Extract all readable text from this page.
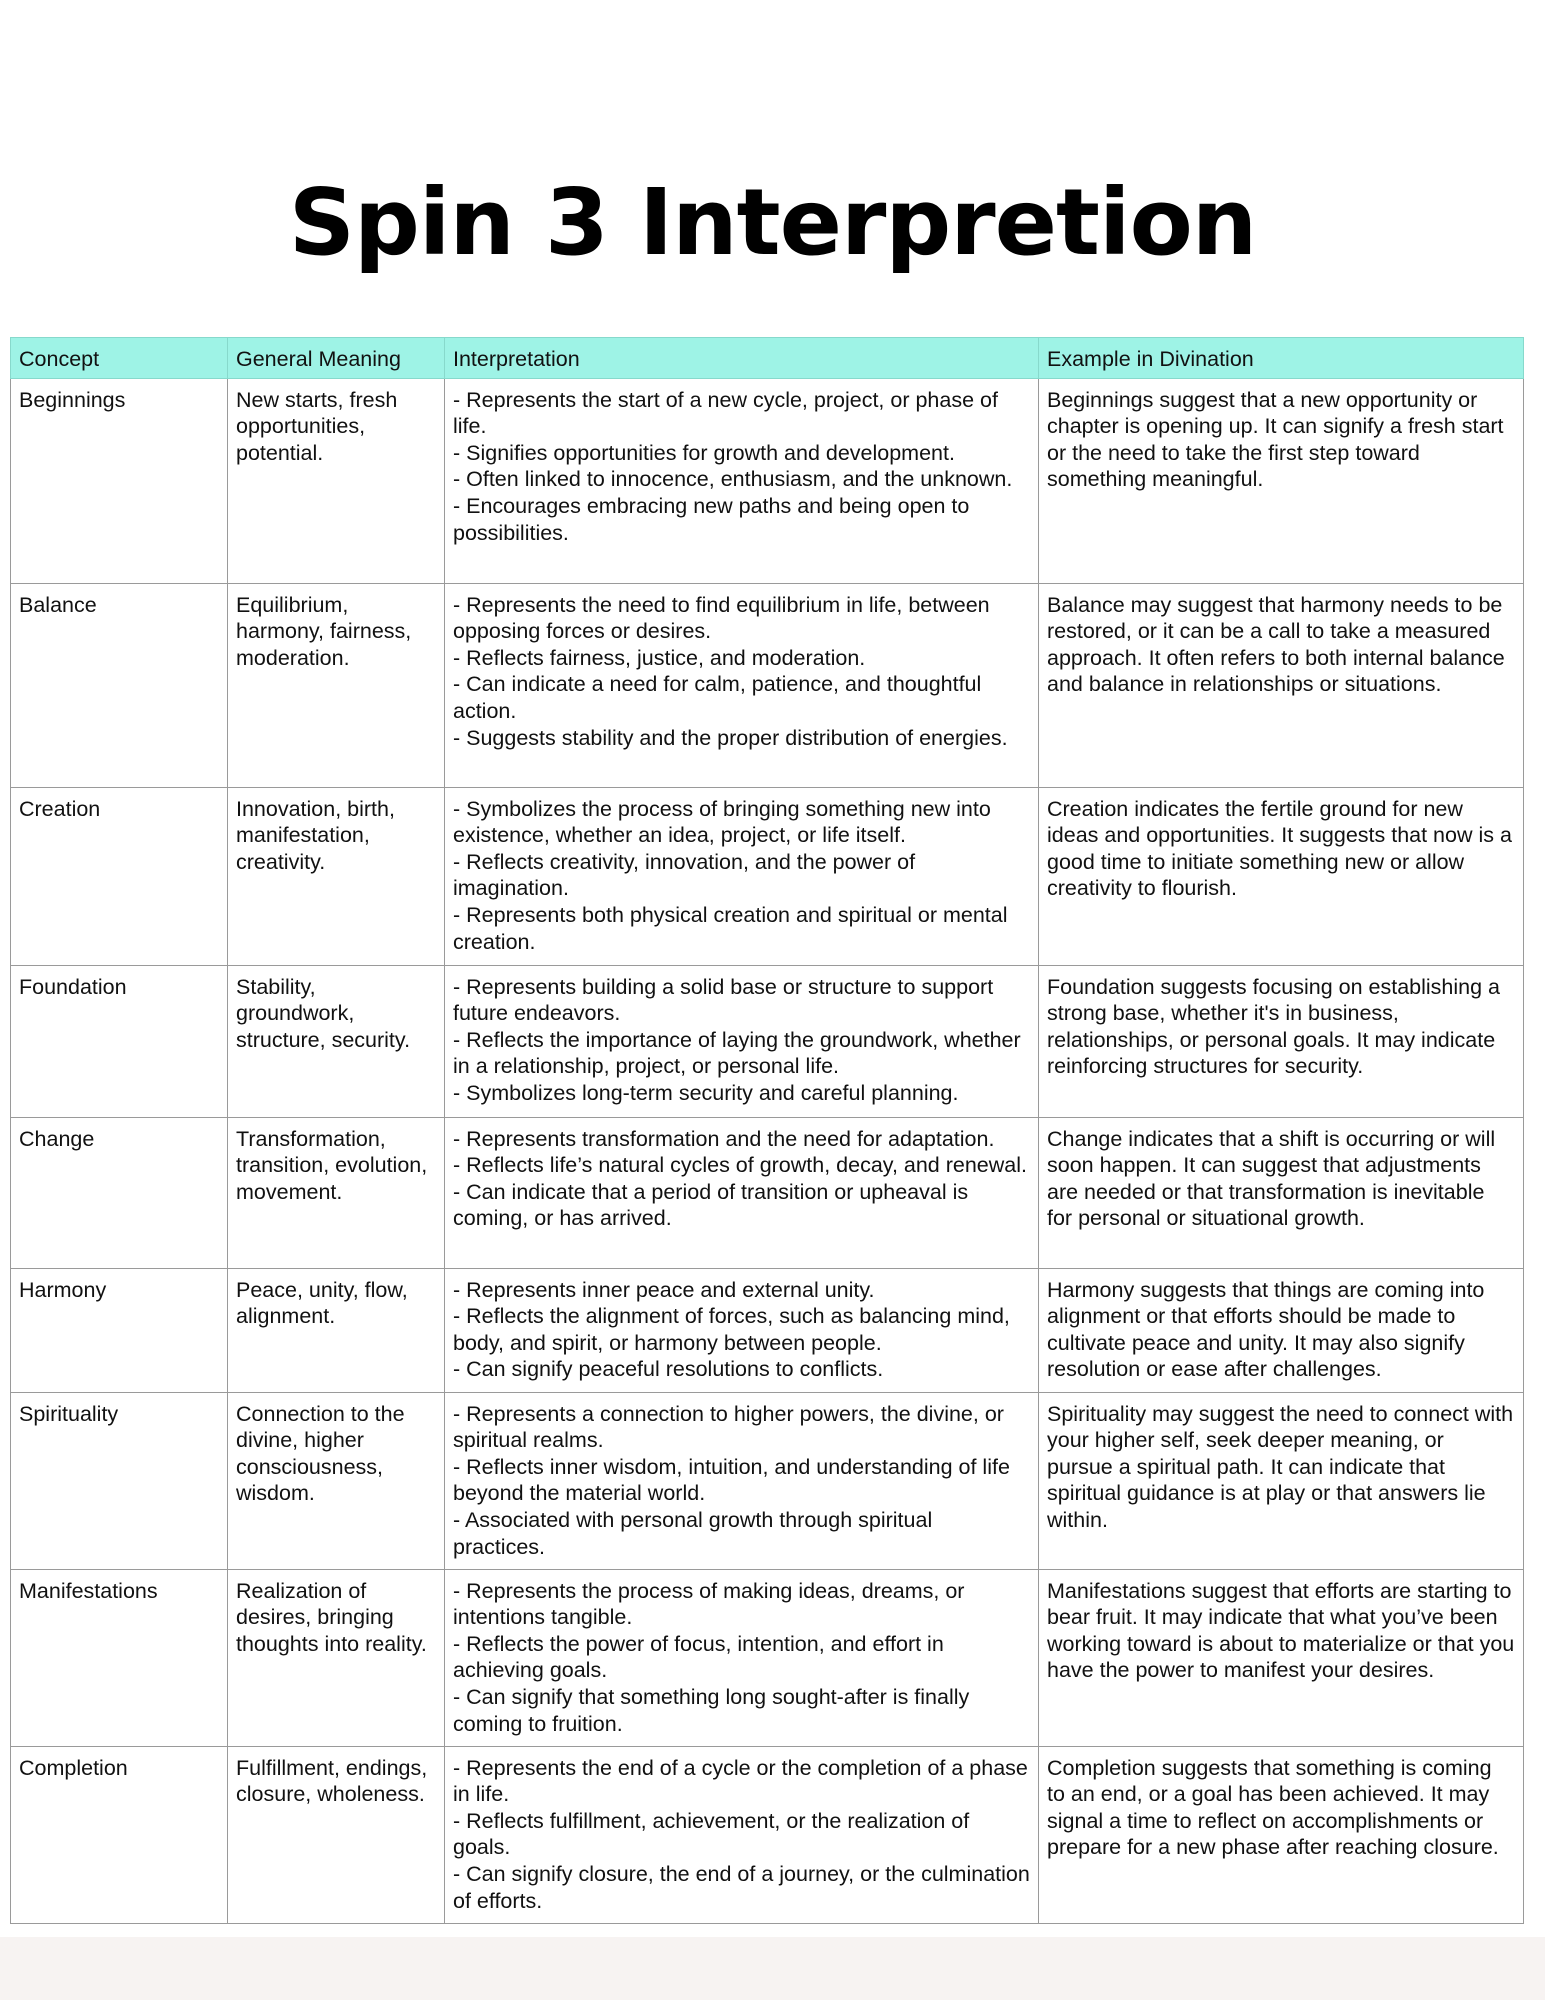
Spin 3 Interpretion
Concept	General Meaning	Interpretation	Example in Divination
Beginnings	New starts, fresh opportunities, potential.	- Represents the start of a new cycle, project, or phase of life.
- Signifies opportunities for growth and development.
- Often linked to innocence, enthusiasm, and the unknown.
- Encourages embracing new paths and being open to possibilities.	Beginnings suggest that a new opportunity or chapter is opening up. It can signify a fresh start or the need to take the first step toward something meaningful.
Balance	Equilibrium, harmony, fairness, moderation.	- Represents the need to find equilibrium in life, between opposing forces or desires.
- Reflects fairness, justice, and moderation.
- Can indicate a need for calm, patience, and thoughtful action.
- Suggests stability and the proper distribution of energies.	Balance may suggest that harmony needs to be restored, or it can be a call to take a measured approach. It often refers to both internal balance and balance in relationships or situations.
Creation	Innovation, birth, manifestation, creativity.	- Symbolizes the process of bringing something new into existence, whether an idea, project, or life itself.
- Reflects creativity, innovation, and the power of imagination.
- Represents both physical creation and spiritual or mental creation.	Creation indicates the fertile ground for new ideas and opportunities. It suggests that now is a good time to initiate something new or allow creativity to flourish.
Foundation	Stability, groundwork, structure, security.	- Represents building a solid base or structure to support future endeavors.
- Reflects the importance of laying the groundwork, whether in a relationship, project, or personal life.
- Symbolizes long-term security and careful planning.	Foundation suggests focusing on establishing a strong base, whether it's in business, relationships, or personal goals. It may indicate reinforcing structures for security.
Change	Transformation, transition, evolution, movement.	- Represents transformation and the need for adaptation.
- Reflects life’s natural cycles of growth, decay, and renewal.
- Can indicate that a period of transition or upheaval is coming, or has arrived.	Change indicates that a shift is occurring or will soon happen. It can suggest that adjustments are needed or that transformation is inevitable for personal or situational growth.
Harmony	Peace, unity, flow, alignment.	- Represents inner peace and external unity.
- Reflects the alignment of forces, such as balancing mind, body, and spirit, or harmony between people.
- Can signify peaceful resolutions to conflicts.	Harmony suggests that things are coming into alignment or that efforts should be made to cultivate peace and unity. It may also signify resolution or ease after challenges.
Spirituality	Connection to the divine, higher consciousness, wisdom.	- Represents a connection to higher powers, the divine, or spiritual realms.
- Reflects inner wisdom, intuition, and understanding of life beyond the material world.
- Associated with personal growth through spiritual practices.	Spirituality may suggest the need to connect with your higher self, seek deeper meaning, or pursue a spiritual path. It can indicate that spiritual guidance is at play or that answers lie within.
Manifestations	Realization of desires, bringing thoughts into reality.	- Represents the process of making ideas, dreams, or intentions tangible.
- Reflects the power of focus, intention, and effort in achieving goals.
- Can signify that something long sought-after is finally coming to fruition.	Manifestations suggest that efforts are starting to bear fruit. It may indicate that what you’ve been working toward is about to materialize or that you have the power to manifest your desires.
Completion	Fulfillment, endings, closure, wholeness.	- Represents the end of a cycle or the completion of a phase in life.
- Reflects fulfillment, achievement, or the realization of goals.
- Can signify closure, the end of a journey, or the culmination of efforts.	Completion suggests that something is coming to an end, or a goal has been achieved. It may signal a time to reflect on accomplishments or prepare for a new phase after reaching closure.
